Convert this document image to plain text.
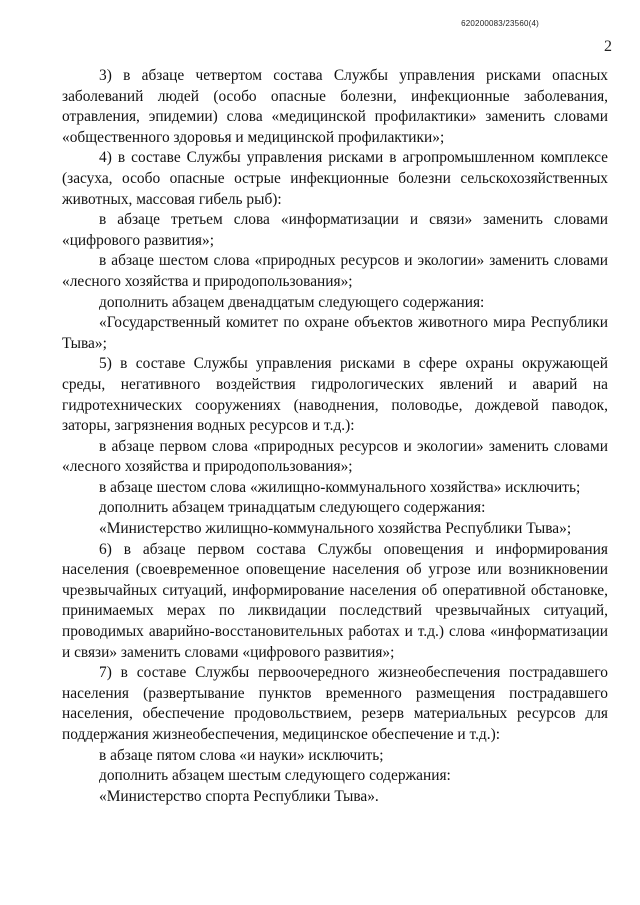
620200083/23560(4)
2

3) в абзаце четвертом состава Службы управления рисками опасных заболеваний людей (особо опасные болезни, инфекционные заболевания, отравления, эпидемии) слова «медицинской профилактики» заменить словами «общественного здоровья и медицинской профилактики»;

4) в составе Службы управления рисками в агропромышленном комплексе (засуха, особо опасные острые инфекционные болезни сельскохозяйственных животных, массовая гибель рыб):

в абзаце третьем слова «информатизации и связи» заменить словами «цифрового развития»;

в абзаце шестом слова «природных ресурсов и экологии» заменить словами «лесного хозяйства и природопользования»;

дополнить абзацем двенадцатым следующего содержания:

«Государственный комитет по охране объектов животного мира Республики Тыва»;

5) в составе Службы управления рисками в сфере охраны окружающей среды, негативного воздействия гидрологических явлений и аварий на гидротехнических сооружениях (наводнения, половодье, дождевой паводок, заторы, загрязнения водных ресурсов и т.д.):

в абзаце первом слова «природных ресурсов и экологии» заменить словами «лесного хозяйства и природопользования»;

в абзаце шестом слова «жилищно-коммунального хозяйства» исключить;

дополнить абзацем тринадцатым следующего содержания:

«Министерство жилищно-коммунального хозяйства Республики Тыва»;

6) в абзаце первом состава Службы оповещения и информирования населения (своевременное оповещение населения об угрозе или возникновении чрезвычайных ситуаций, информирование населения об оперативной обстановке, принимаемых мерах по ликвидации последствий чрезвычайных ситуаций, проводимых аварийно-восстановительных работах и т.д.) слова «информатизации и связи» заменить словами «цифрового развития»;

7) в составе Службы первоочередного жизнеобеспечения пострадавшего населения (развертывание пунктов временного размещения пострадавшего населения, обеспечение продовольствием, резерв материальных ресурсов для поддержания жизнеобеспечения, медицинское обеспечение и т.д.):

в абзаце пятом слова «и науки» исключить;

дополнить абзацем шестым следующего содержания:

«Министерство спорта Республики Тыва».
